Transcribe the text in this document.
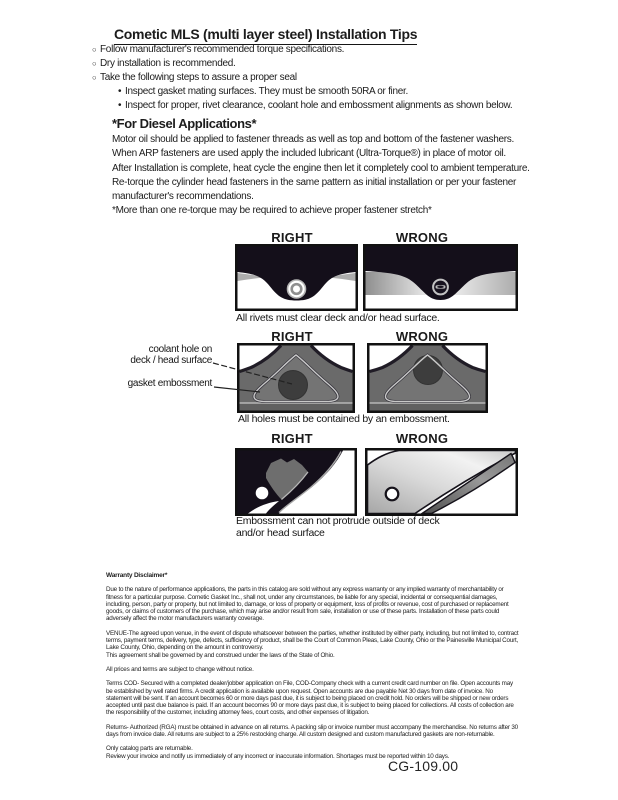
Cometic MLS (multi layer steel) Installation Tips
○ Follow manufacturer's recommended torque specifications.
○ Dry installation is recommended.
○ Take the following steps to assure a proper seal
• Inspect gasket mating surfaces. They must be smooth 50RA or finer.
• Inspect for proper, rivet clearance, coolant hole and embossment alignments as shown below.
*For Diesel Applications*

Motor oil should be applied to fastener threads as well as top and bottom of the fastener washers. When ARP fasteners are used apply the included lubricant (Ultra-Torque®) in place of motor oil.

After Installation is complete, heat cycle the engine then let it completely cool to ambient temperature. Re-torque the cylinder head fasteners in the same pattern as initial installation or per your fastener manufacturer's recommendations.

*More than one re-torque may be required to achieve proper fastener stretch*

RIGHT	WRONG
All rivets must clear deck and/or head surface.
RIGHT	WRONG
coolant hole on
deck / head surface
gasket embossment
All holes must be contained by an embossment.
RIGHT	WRONG
Embossment can not protrude outside of deck
and/or head surface

Warranty Disclaimer*

Due to the nature of performance applications, the parts in this catalog are sold without any express warranty or any implied warranty of merchantability or fitness for a particular purpose. Cometic Gasket Inc., shall not, under any circumstances, be liable for any special, incidental or consequential damages, including, person, party or property, but not limited to, damage, or loss of property or equipment, loss of profits or revenue, cost of purchased or replacement goods, or claims of customers of the purchase, which may arise and/or result from sale, installation or use of these parts. Installation of these parts could adversely affect the motor manufacturers warranty coverage.

VENUE-The agreed upon venue, in the event of dispute whatsoever between the parties, whether instituted by either party, including, but not limited to, contract terms, payment terms, delivery, type, defects, sufficiency of product, shall be the Court of Common Pleas, Lake County, Ohio or the Painesville Municipal Court, Lake County, Ohio, depending on the amount in controversy.

This agreement shall be governed by and construed under the laws of the State of Ohio.

All prices and terms are subject to change without notice.

Terms COD- Secured with a completed dealer/jobber application on File, COD-Company check with a current credit card number on file. Open accounts may be established by well rated firms. A credit application is available upon request. Open accounts are due payable Net 30 days from date of invoice. No statement will be sent. If an account becomes 60 or more days past due, it is subject to being placed on credit hold. No orders will be shipped or new orders accepted until past due balance is paid. If an account becomes 90 or more days past due, it is subject to being placed for collections. All costs of collection are the responsibility of the customer, including attorney fees, court costs, and other expenses of litigation.

Returns- Authorized (RGA) must be obtained in advance on all returns. A packing slip or invoice number must accompany the merchandise. No returns after 30 days from invoice date. All returns are subject to a 25% restocking charge. All custom designed and custom manufactured gaskets are non-returnable.

Only catalog parts are returnable.

Review your invoice and notify us immediately of any incorrect or inaccurate information. Shortages must be reported within 10 days.

CG-109.00
